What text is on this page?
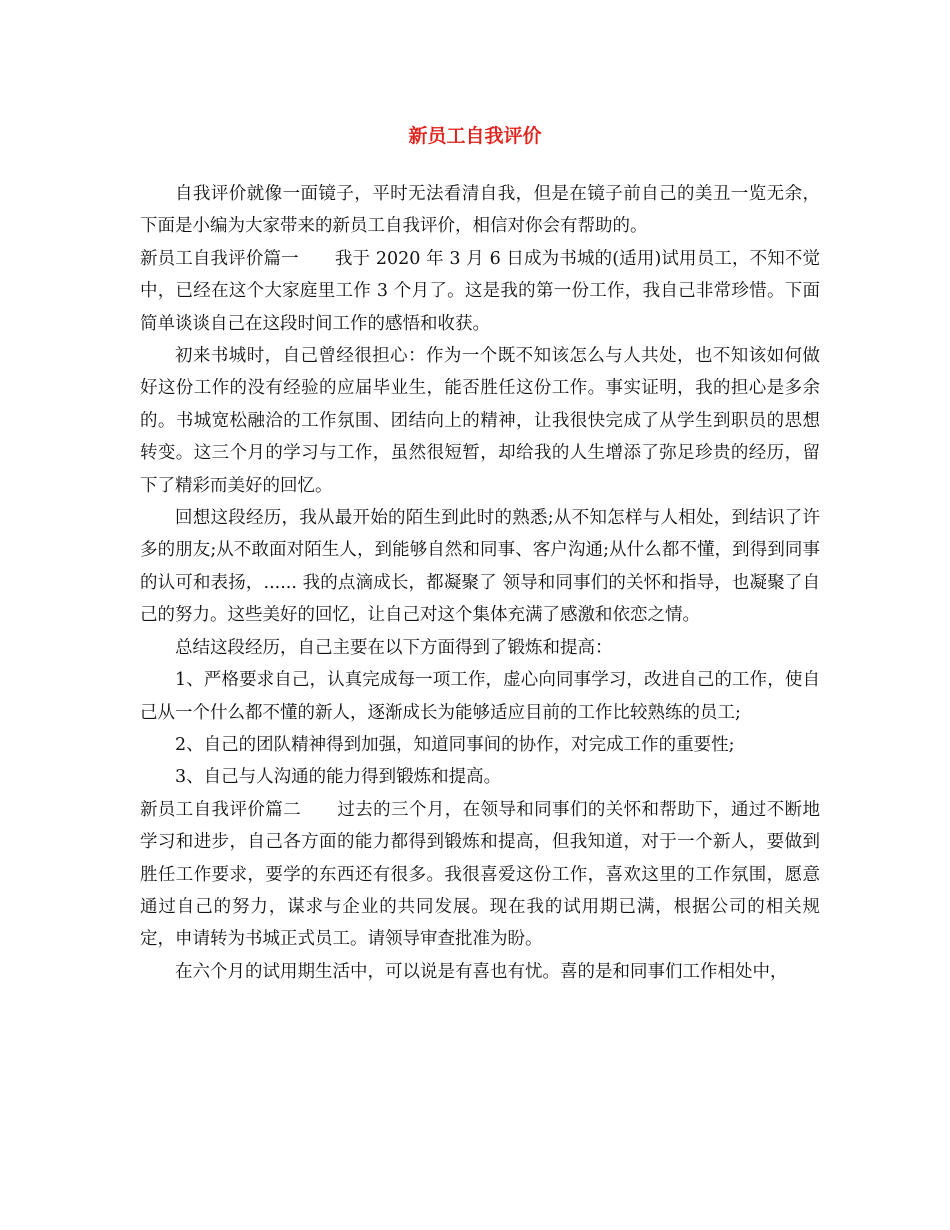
新员工自我评价

自我评价就像一面镜子，平时无法看清自我，但是在镜子前自己的美丑一览无余，下面是小编为大家带来的新员工自我评价，相信对你会有帮助的。

新员工自我评价篇一 我于 2020 年 3 月 6 日成为书城的(适用)试用员工，不知不觉中，已经在这个大家庭里工作 3 个月了。这是我的第一份工作，我自己非常珍惜。下面简单谈谈自己在这段时间工作的感悟和收获。

初来书城时，自己曾经很担心：作为一个既不知该怎么与人共处，也不知该如何做好这份工作的没有经验的应届毕业生，能否胜任这份工作。事实证明，我的担心是多余的。书城宽松融洽的工作氛围、团结向上的精神，让我很快完成了从学生到职员的思想转变。这三个月的学习与工作，虽然很短暂，却给我的人生增添了弥足珍贵的经历，留下了精彩而美好的回忆。

回想这段经历，我从最开始的陌生到此时的熟悉;从不知怎样与人相处，到结识了许多的朋友;从不敢面对陌生人，到能够自然和同事、客户沟通;从什么都不懂，到得到同事的认可和表扬，...... 我的点滴成长，都凝聚了 领导和同事们的关怀和指导，也凝聚了自己的努力。这些美好的回忆，让自己对这个集体充满了感激和依恋之情。

总结这段经历，自己主要在以下方面得到了锻炼和提高：

1、严格要求自己，认真完成每一项工作，虚心向同事学习，改进自己的工作，使自己从一个什么都不懂的新人，逐渐成长为能够适应目前的工作比较熟练的员工;

2、自己的团队精神得到加强，知道同事间的协作，对完成工作的重要性;

3、自己与人沟通的能力得到锻炼和提高。

新员工自我评价篇二 过去的三个月，在领导和同事们的关怀和帮助下，通过不断地学习和进步，自己各方面的能力都得到锻炼和提高，但我知道，对于一个新人，要做到胜任工作要求，要学的东西还有很多。我很喜爱这份工作，喜欢这里的工作氛围，愿意通过自己的努力，谋求与企业的共同发展。现在我的试用期已满，根据公司的相关规定，申请转为书城正式员工。请领导审查批准为盼。

在六个月的试用期生活中，可以说是有喜也有忧。喜的是和同事们工作相处中，
